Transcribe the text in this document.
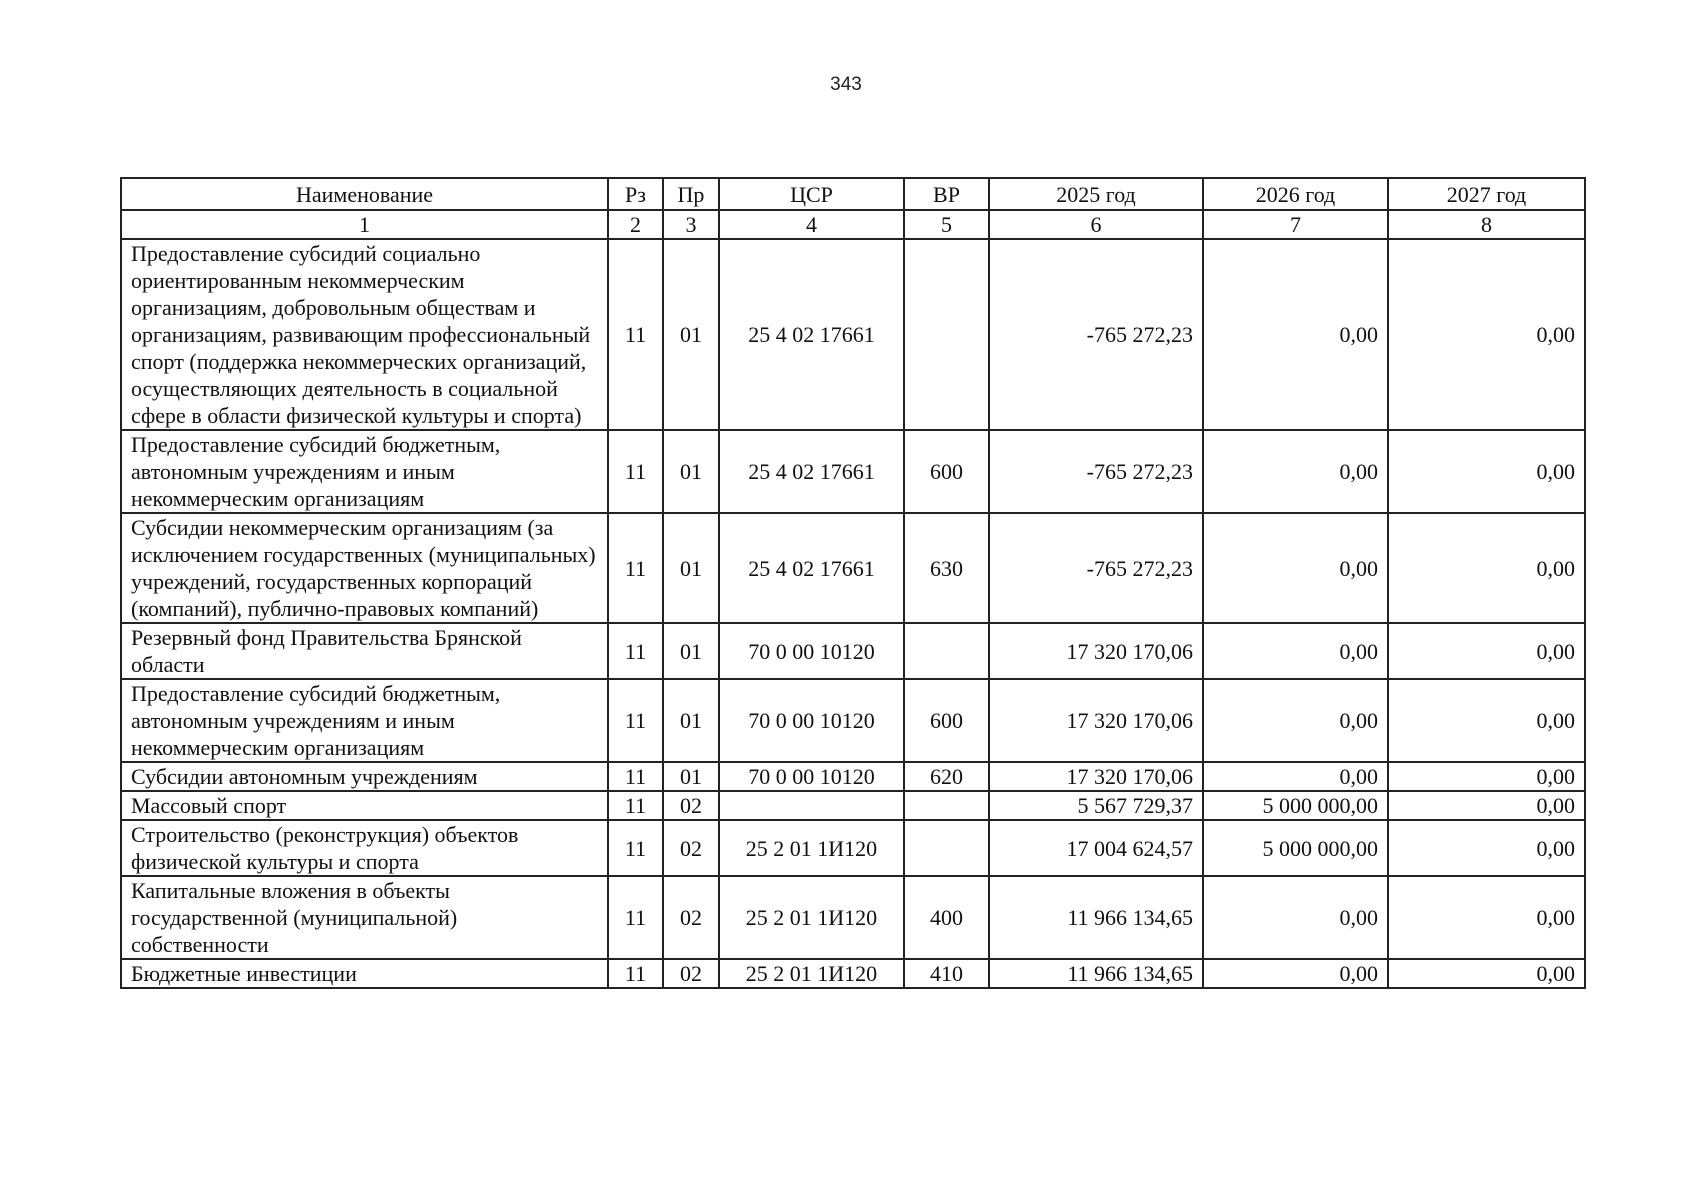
343
Наименование	Рз	Пр	ЦСР	ВР	2025 год	2026 год	2027 год
1	2	3	4	5	6	7	8
Предоставление субсидий социально ориентированным некоммерческим организациям, добровольным обществам и организациям, развивающим профессиональный спорт (поддержка некоммерческих организаций, осуществляющих деятельность в социальной сфере в области физической культуры и спорта)	11	01	25 4 02 17661		-765 272,23	0,00	0,00
Предоставление субсидий бюджетным, автономным учреждениям и иным некоммерческим организациям	11	01	25 4 02 17661	600	-765 272,23	0,00	0,00
Субсидии некоммерческим организациям (за исключением государственных (муниципальных) учреждений, государственных корпораций (компаний), публично-правовых компаний)	11	01	25 4 02 17661	630	-765 272,23	0,00	0,00
Резервный фонд Правительства Брянской области	11	01	70 0 00 10120		17 320 170,06	0,00	0,00
Предоставление субсидий бюджетным, автономным учреждениям и иным некоммерческим организациям	11	01	70 0 00 10120	600	17 320 170,06	0,00	0,00
Субсидии автономным учреждениям	11	01	70 0 00 10120	620	17 320 170,06	0,00	0,00
Массовый спорт	11	02			5 567 729,37	5 000 000,00	0,00
Строительство (реконструкция) объектов физической культуры и спорта	11	02	25 2 01 1И120		17 004 624,57	5 000 000,00	0,00
Капитальные вложения в объекты государственной (муниципальной) собственности	11	02	25 2 01 1И120	400	11 966 134,65	0,00	0,00
Бюджетные инвестиции	11	02	25 2 01 1И120	410	11 966 134,65	0,00	0,00
